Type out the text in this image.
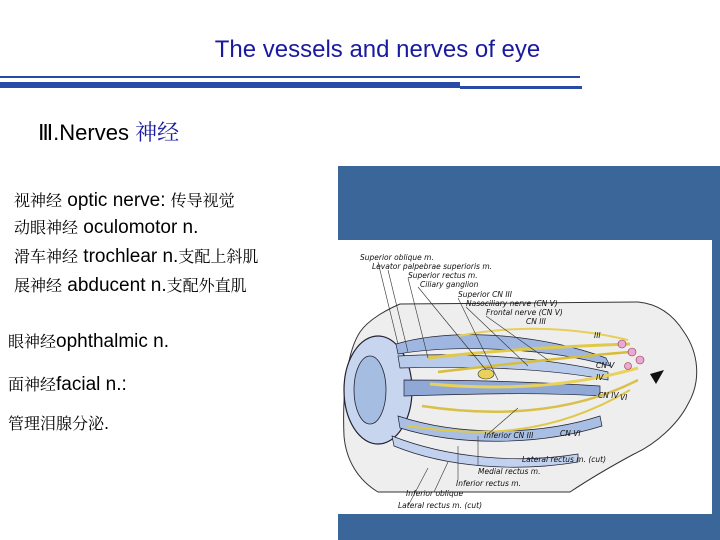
The vessels and nerves of eye
Ⅲ.Nerves 神经
视神经 optic nerve: 传导视觉
动眼神经 oculomotor n.
滑车神经 trochlear n.支配上斜肌
展神经 abducent n.支配外直肌
眼神经ophthalmic n.
面神经facial n.:
管理泪腺分泌.
Superior oblique m.
Levator palpebrae superioris m.
Superior rectus m.
Ciliary ganglion
Superior CN III
Nasociliary nerve (CN V)
Frontal nerve (CN V)
CN III
III
IV
VI
CN IV
CN V
CN VI
Inferior CN III
Lateral rectus m. (cut)
Medial rectus m.
Inferior rectus m.
Inferior oblique
Lateral rectus m. (cut)
